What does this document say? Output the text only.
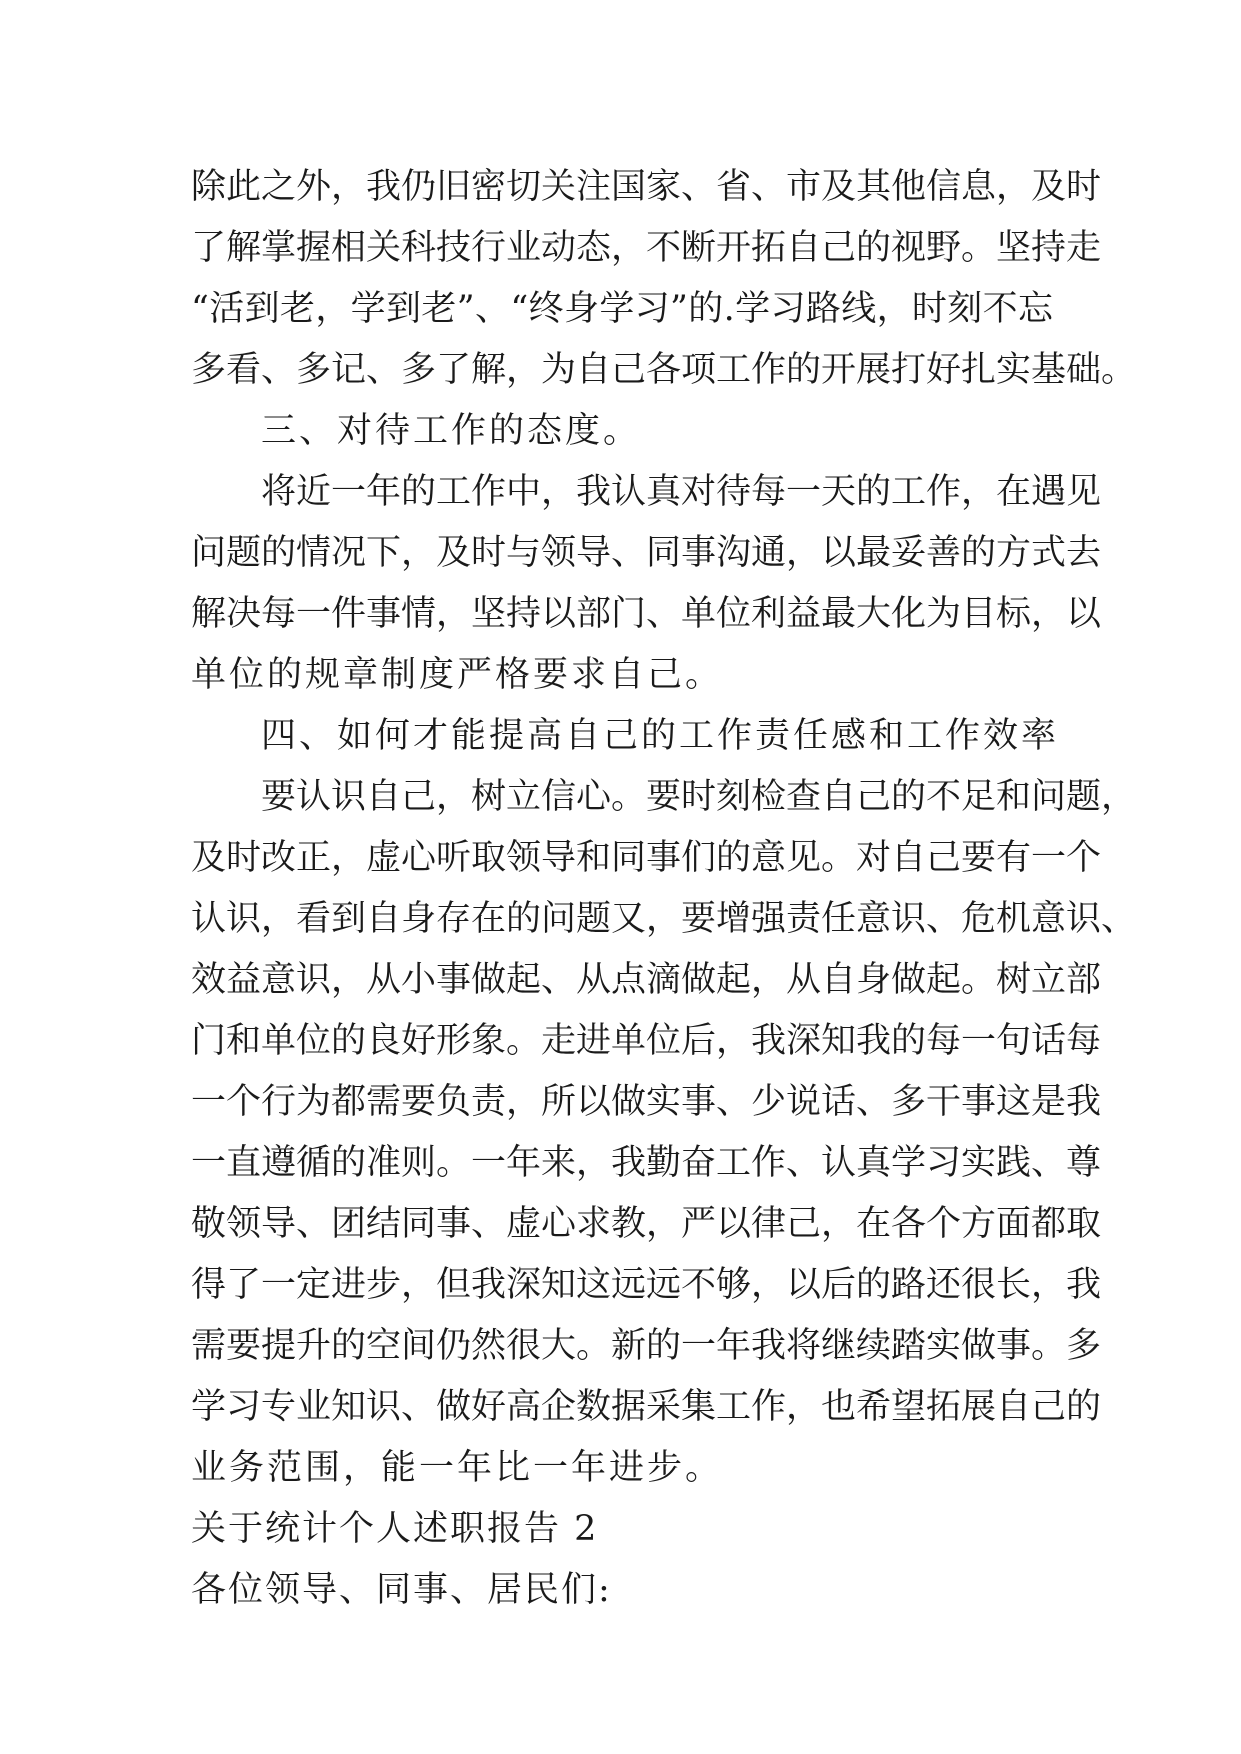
除此之外，我仍旧密切关注国家、省、市及其他信息，及时
了解掌握相关科技行业动态，不断开拓自己的视野。坚持走
“活到老，学到老”、“终身学习”的.学习路线，时刻不忘
多看、多记、多了解，为自己各项工作的开展打好扎实基础。
三、对待工作的态度。
将近一年的工作中，我认真对待每一天的工作，在遇见
问题的情况下，及时与领导、同事沟通，以最妥善的方式去
解决每一件事情，坚持以部门、单位利益最大化为目标，以
单位的规章制度严格要求自己。
四、如何才能提高自己的工作责任感和工作效率
要认识自己，树立信心。要时刻检查自己的不足和问题，
及时改正，虚心听取领导和同事们的意见。对自己要有一个
认识，看到自身存在的问题又，要增强责任意识、危机意识、
效益意识，从小事做起、从点滴做起，从自身做起。树立部
门和单位的良好形象。走进单位后，我深知我的每一句话每
一个行为都需要负责，所以做实事、少说话、多干事这是我
一直遵循的准则。一年来，我勤奋工作、认真学习实践、尊
敬领导、团结同事、虚心求教，严以律己，在各个方面都取
得了一定进步，但我深知这远远不够，以后的路还很长，我
需要提升的空间仍然很大。新的一年我将继续踏实做事。多
学习专业知识、做好高企数据采集工作，也希望拓展自己的
业务范围，能一年比一年进步。
关于统计个人述职报告 2
各位领导、同事、居民们:
